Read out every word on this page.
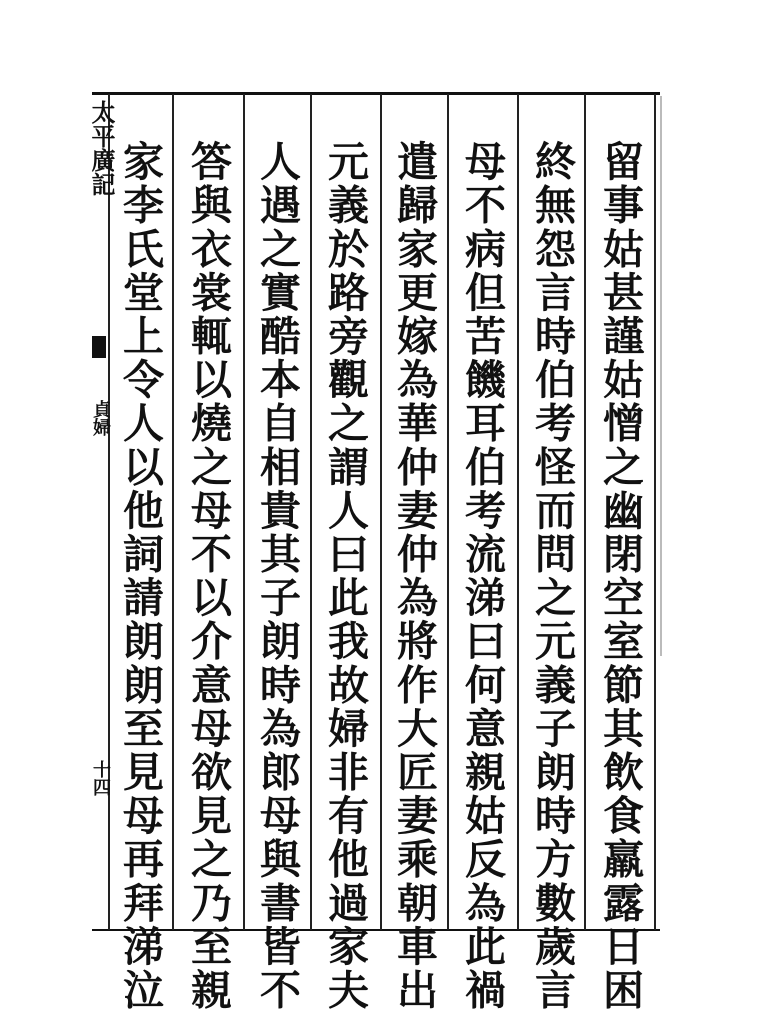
留事姑甚謹姑憎之幽閉空室節其飲食羸露日困
終無怨言時伯考怪而問之元義子朗時方數歲言
母不病但苦饑耳伯考流涕曰何意親姑反為此禍
遣歸家更嫁為華仲妻仲為將作大匠妻乘朝車出
元義於路旁觀之謂人曰此我故婦非有他過家夫
人遇之實酷本自相貴其子朗時為郎母與書皆不
答與衣裳輒以燒之母不以介意母欲見之乃至親
家李氏堂上令人以他詞請朗朗至見母再拜涕泣
太平廣記
貞婦
十四
